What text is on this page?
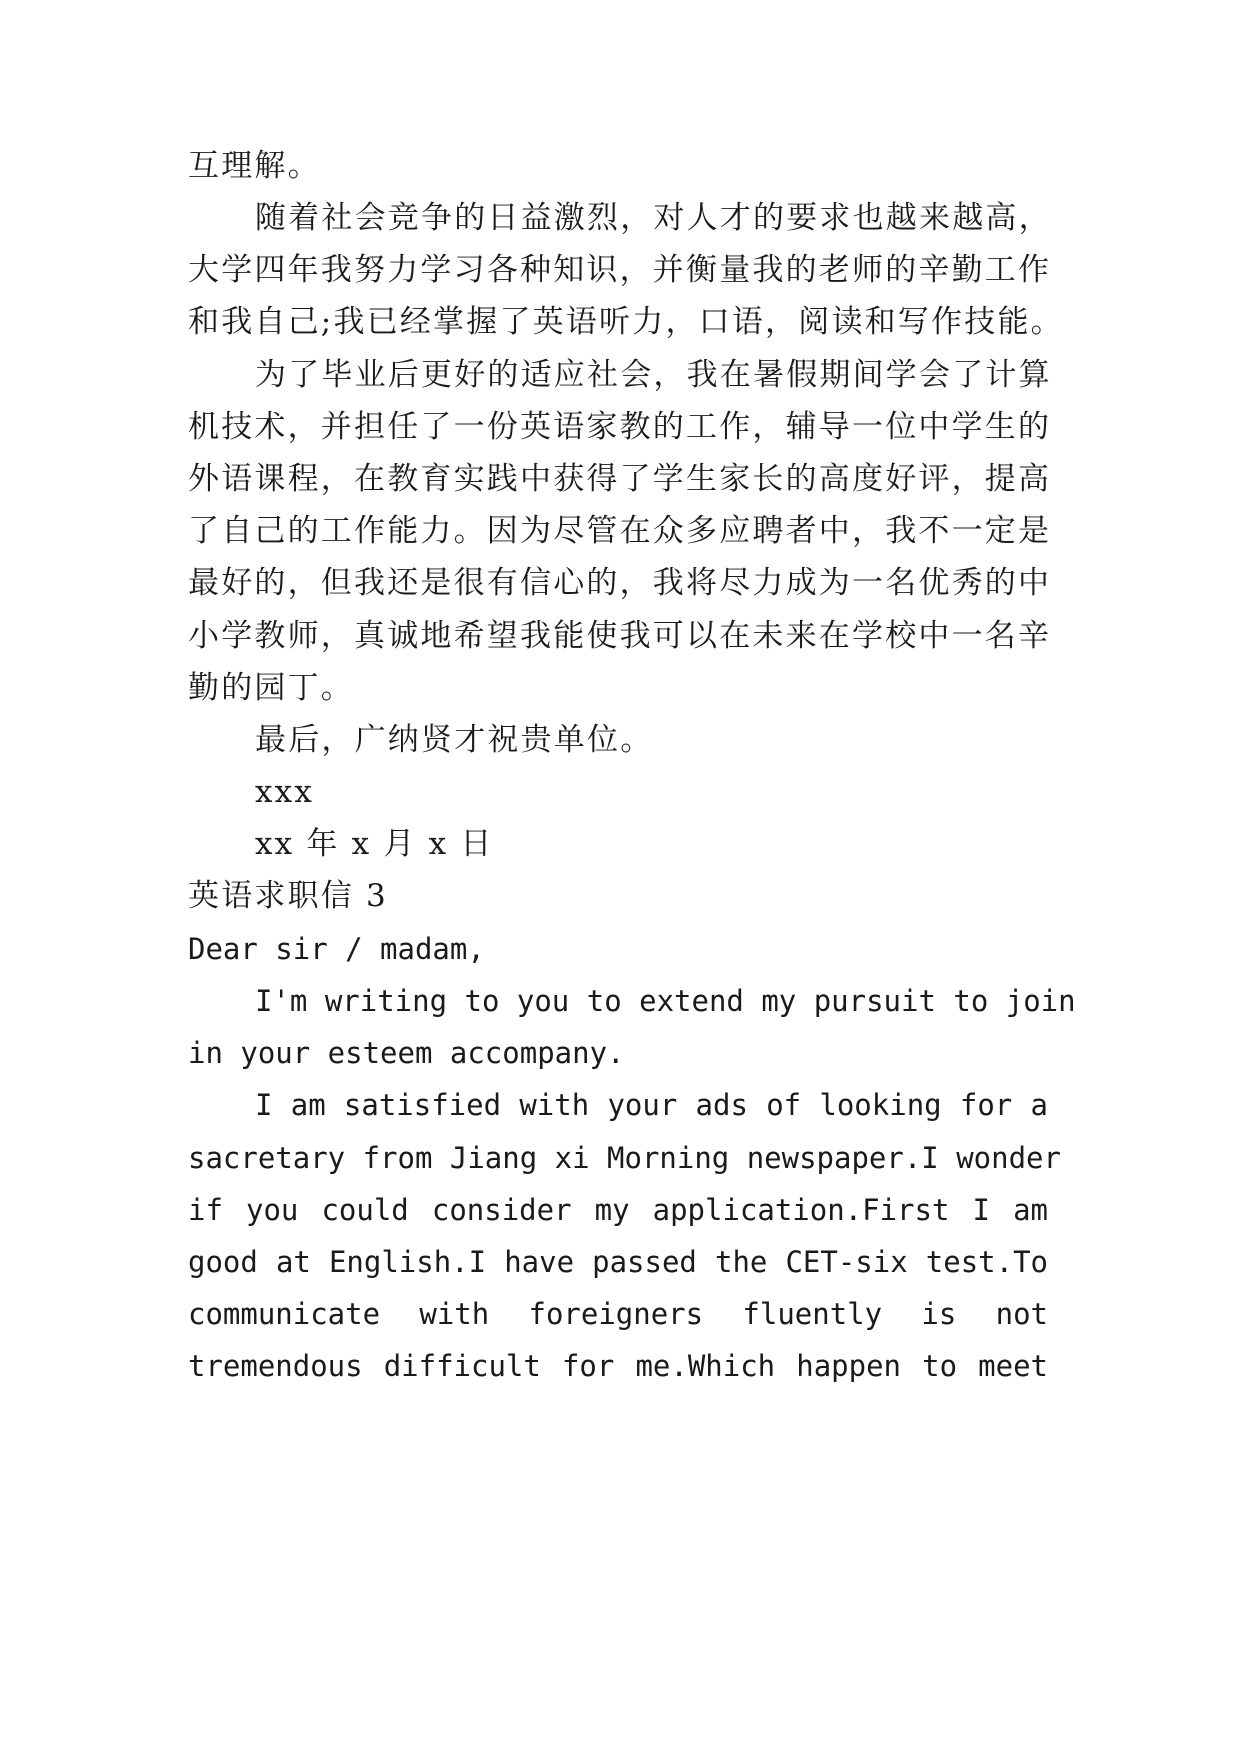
互理解。
随着社会竞争的日益激烈，对人才的要求也越来越高，
大学四年我努力学习各种知识，并衡量我的老师的辛勤工作
和我自己;我已经掌握了英语听力，口语，阅读和写作技能。
为了毕业后更好的适应社会，我在暑假期间学会了计算
机技术，并担任了一份英语家教的工作，辅导一位中学生的
外语课程，在教育实践中获得了学生家长的高度好评，提高
了自己的工作能力。因为尽管在众多应聘者中，我不一定是
最好的，但我还是很有信心的，我将尽力成为一名优秀的中
小学教师，真诚地希望我能使我可以在未来在学校中一名辛
勤的园丁。
最后，广纳贤才祝贵单位。
xxx
xx 年 x 月 x 日
英语求职信 3
Dear sir / madam,
I'm writing to you to extend my pursuit to join
in your esteem accompany.
I am satisfied with your ads of looking for a
sacretary from Jiang xi Morning newspaper.I wonder
if you could consider my application.First I am
good at English.I have passed the CET-six test.To
communicate with foreigners fluently is not
tremendous difficult for me.Which happen to meet
